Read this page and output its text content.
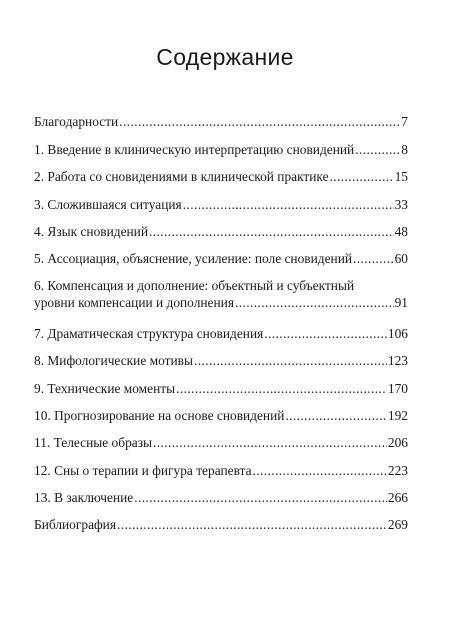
Содержание
Благодарности .....	7
1. Введение в клиническую интерпретацию сновидений .....	8
2. Работа со сновидениями в клинической практике .....	15
3. Сложившаяся ситуация .....	33
4. Язык сновидений .....	48
5. Ассоциация, объяснение, усиление: поле сновидений .....	60
6. Компенсация и дополнение: объектный и субъектный
уровни компенсации и дополнения .....	91
7. Драматическая структура сновидения .....	106
8. Мифологические мотивы .....	123
9. Технические моменты .....	170
10. Прогнозирование на основе сновидений .....	192
11. Телесные образы .....	206
12. Сны о терапии и фигура терапевта .....	223
13. В заключение .....	266
Библиография .....	269
